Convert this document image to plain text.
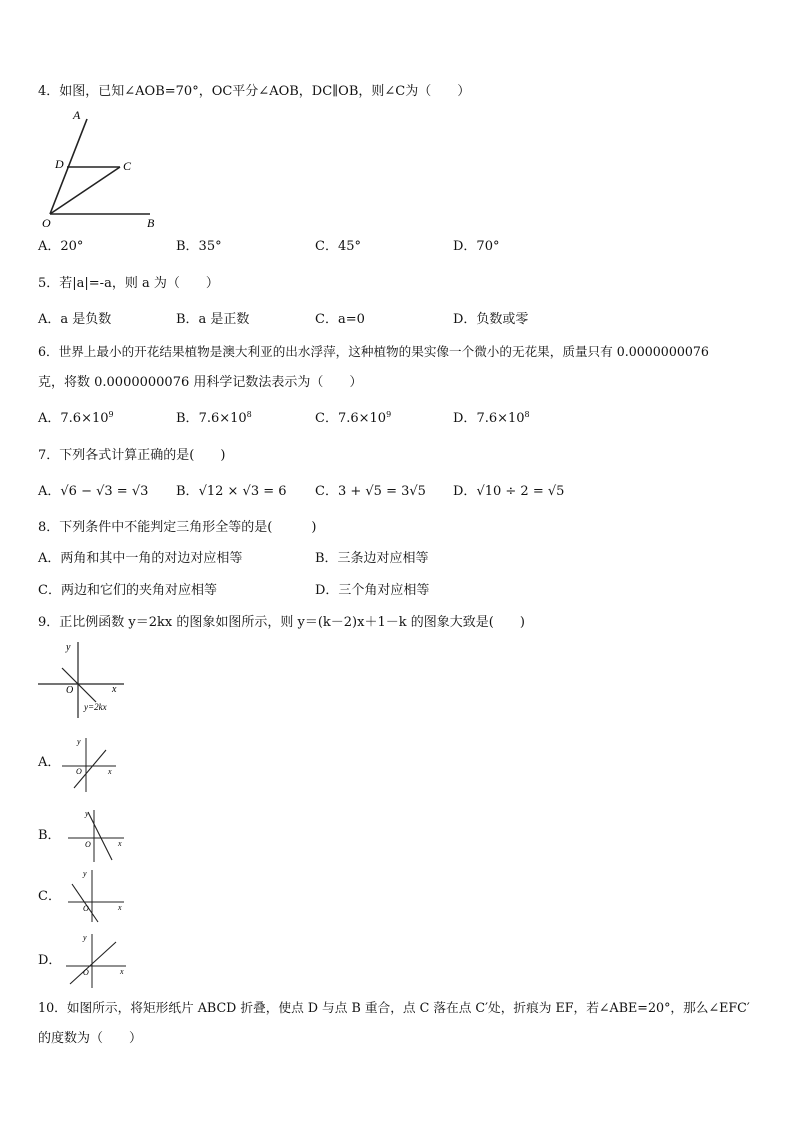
4．如图，已知∠AOB=70°，OC平分∠AOB，DC∥OB，则∠C为（　　）
A
D	C
O	B
A．20°	B．35°	C．45°	D．70°
5．若|a|=-a，则 a 为（　　）
A．a 是负数	B．a 是正数	C．a=0	D．负数或零
6．世界上最小的开花结果植物是澳大利亚的出水浮萍，这种植物的果实像一个微小的无花果，质量只有 0.0000000076
克，将数 0.0000000076 用科学记数法表示为（　　）
A．$7.6\times 10^9$	B．$7.6\times 10^8$	C．$7.6\times 10^9$	D．$7.6\times 10^8$
7．下列各式计算正确的是(　　)
A．√6 − √3 = √3 B．√12 × √3 = 6 C．3 + √5 = 3√5 D．√10 ÷ 2 = √5
8．下列条件中不能判定三角形全等的是(　　　)
A．两角和其中一角的对边对应相等	B．三条边对应相等
C．两边和它们的夹角对应相等	D．三个角对应相等
9．正比例函数 y＝2kx 的图象如图所示，则 y＝(k－2)x＋1－k 的图象大致是(　　)
y
x
O
y=2kx
A．
y
x
O
B．
y
x
O
C．
y
x
O
D．
y
x
O
10．如图所示，将矩形纸片 ABCD 折叠，使点 D 与点 B 重合，点 C 落在点 C′处，折痕为 EF，若∠ABE=20°，那么∠EFC′
的度数为（　　）
